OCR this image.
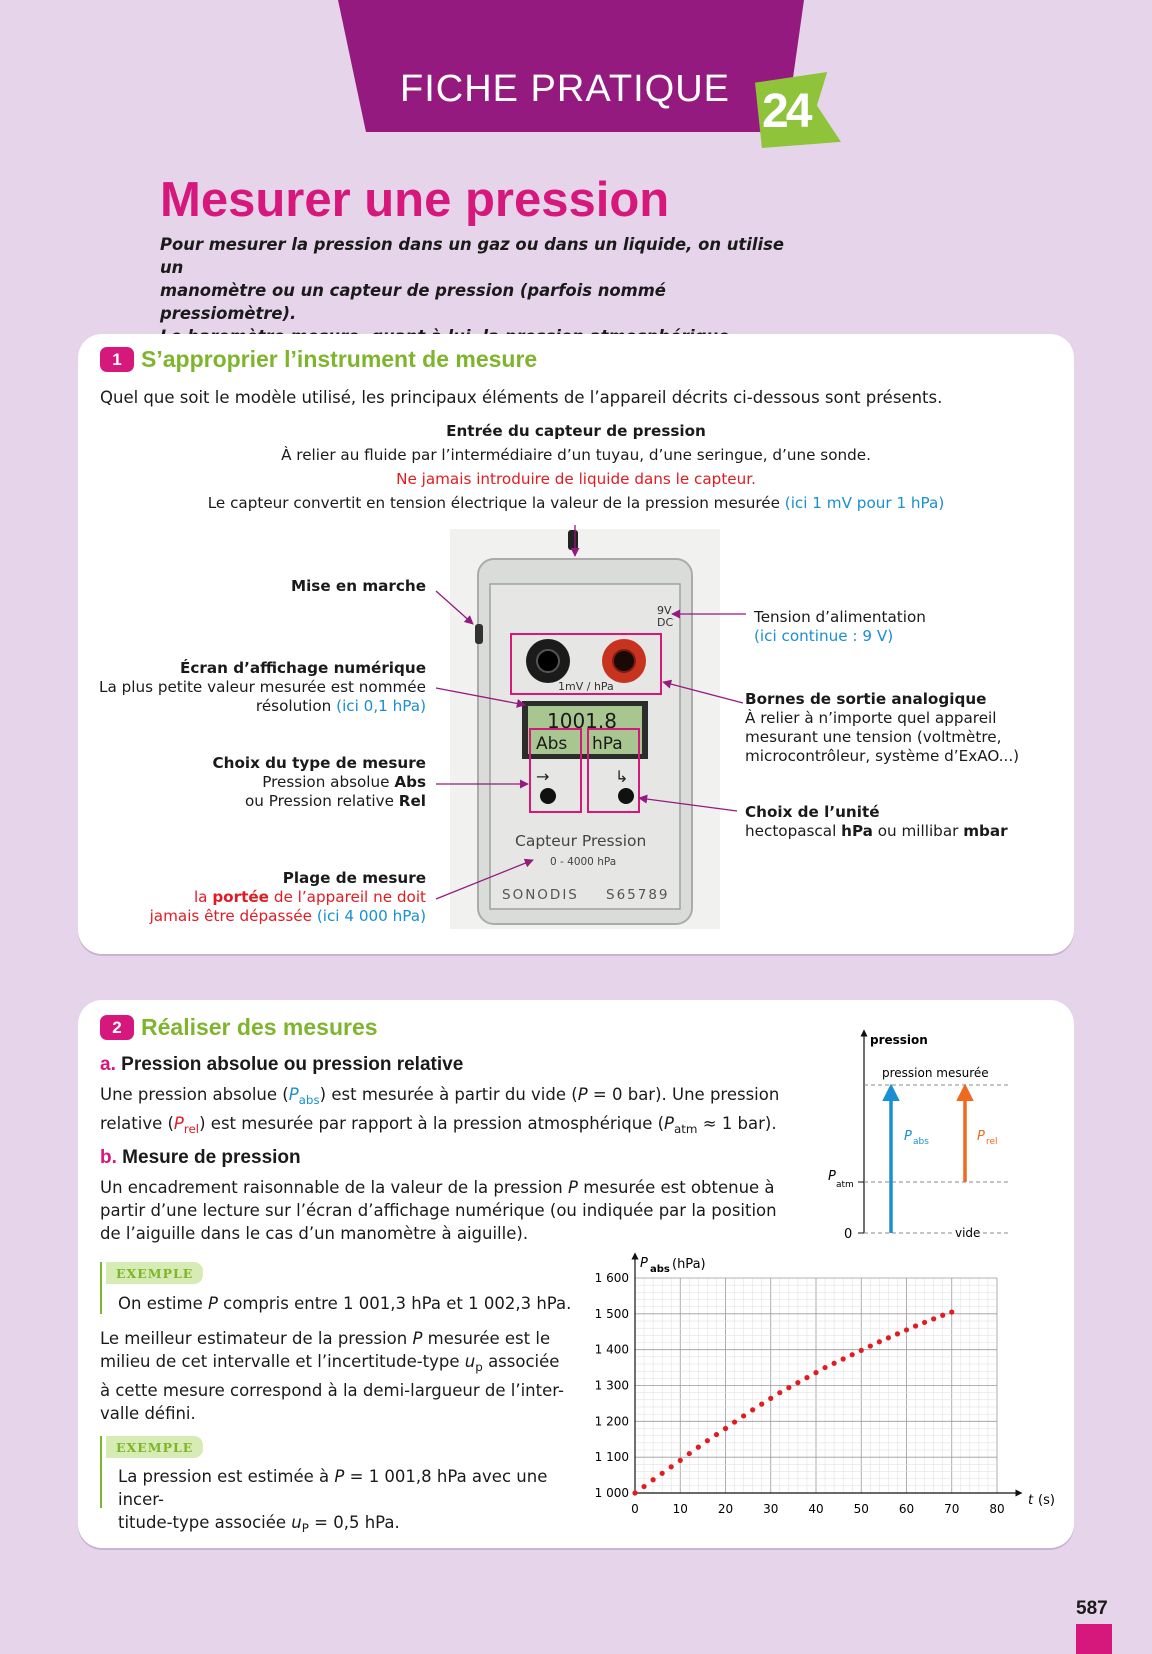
FICHE PRATIQUE 24
Mesurer une pression

Pour mesurer la pression dans un gaz ou dans un liquide, on utilise un
manomètre ou un capteur de pression (parfois nommé pressiomètre).

1 S’approprier l’instrument de mesure
Quel que soit le modèle utilisé, les principaux éléments de l’appareil décrits ci-dessous sont présents.
Entrée du capteur de pression
À relier au fluide par l’intermédiaire d’un tuyau, d’une seringue, d’une sonde.
Ne jamais introduire de liquide dans le capteur.
Le capteur convertit en tension électrique la valeur de la pression mesurée (ici 1 mV pour 1 hPa)
Mise en marche
Écran d’affichage numérique
La plus petite valeur mesurée est nommée
résolution (ici 0,1 hPa)
Choix du type de mesure
Pression absolue Abs
ou Pression relative Rel
Plage de mesure
la portée de l’appareil ne doit
jamais être dépassée (ici 4 000 hPa)
Tension d’alimentation
(ici continue : 9 V)
Bornes de sortie analogique
À relier à n’importe quel appareil
mesurant une tension (voltmètre,
microcontrôleur, système d’ExAO...)
Choix de l’unité
hectopascal hPa ou millibar mbar
9V
DC
1mV / hPa
1001.8
Abs hPa
→	↳
Capteur Pression
0 - 4000 hPa
SONODIS S65789
2 Réaliser des mesures
a. Pression absolue ou pression relative
Une pression absolue $(P_{abs})$ est mesurée à partir du vide (P = 0 bar). Une pression
relative $(P_{rel})$ est mesurée par rapport à la pression atmosphérique ($P_{atm} \approx 1$ bar).
b. Mesure de pression
Un encadrement raisonnable de la valeur de la pression P mesurée est obtenue à
partir d’une lecture sur l’écran d’affichage numérique (ou indiquée par la position
de l’aiguille dans le cas d’un manomètre à aiguille).
EXEMPLE
On estime P compris entre 1 001,3 hPa et 1 002,3 hPa.
Le meilleur estimateur de la pression P mesurée est le
milieu de cet intervalle et l’incertitude-type $u_p$ associée
à cette mesure correspond à la demi-largueur de l’inter-
valle défini.
EXEMPLE
La pression est estimée à P = 1 001,8 hPa avec une incer-
titude-type associée $u_P = 0,5$ hPa.
pression
pression mesurée
P abs	P rel
P
atm
0	vide
0	10 20 30 40 50 60 70 80
1 000
1 100
1 200
1 300
1 400
1 500
1 600
P abs (hPa)
t (s)
587
